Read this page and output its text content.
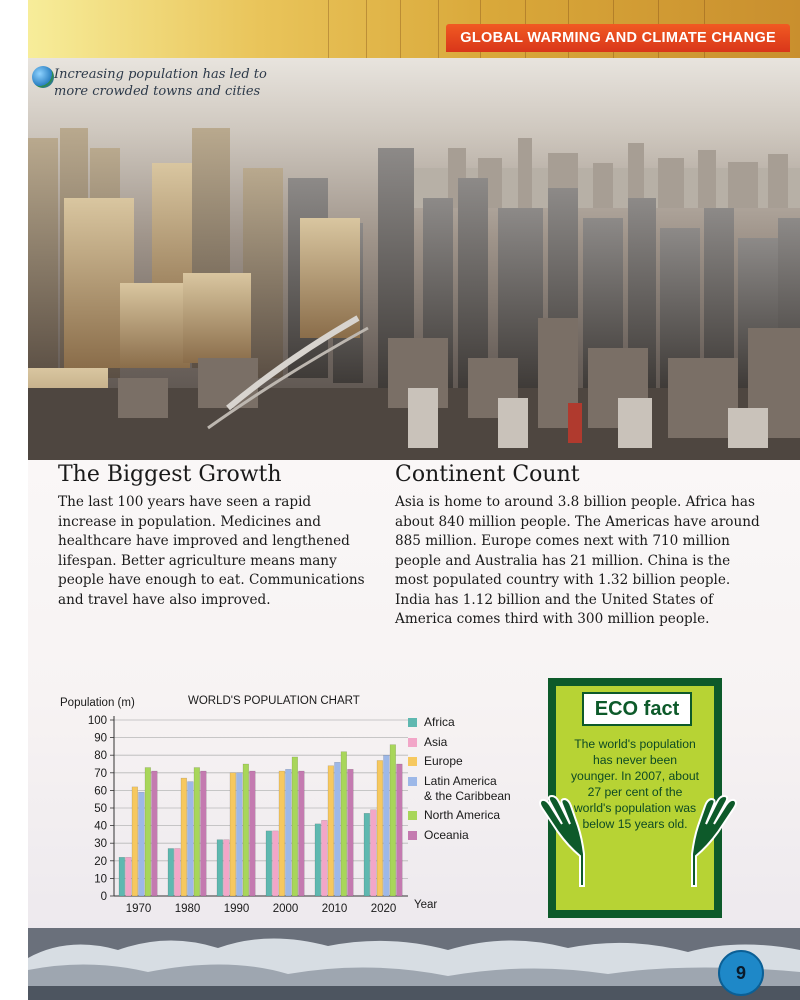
GLOBAL WARMING AND CLIMATE CHANGE
Increasing population has led to
more crowded towns and cities
The Biggest Growth
The last 100 years have seen a rapid increase in population. Medicines and healthcare have improved and lengthened lifespan. Better agriculture means many people have enough to eat. Communications and travel have also improved.
Continent Count
Asia is home to around 3.8 billion people. Africa has about 840 million people. The Americas have around 885 million. Europe comes next with 710 million people and Australia has 21 million. China is the most populated country with 1.32 billion people. India has 1.12 billion and the United States of America comes third with 300 million people.
Population (m)	WORLD'S POPULATION CHART
0
10
20
30
40
50
60
70
80
90
100
1970 1980 1990 2000 2010 2020 Year
Africa
Asia
Europe
Latin America
& the Caribbean
North America
Oceania
ECO fact
The world's population has never been younger. In 2007, about 27 per cent of the world's population was below 15 years old.
9
